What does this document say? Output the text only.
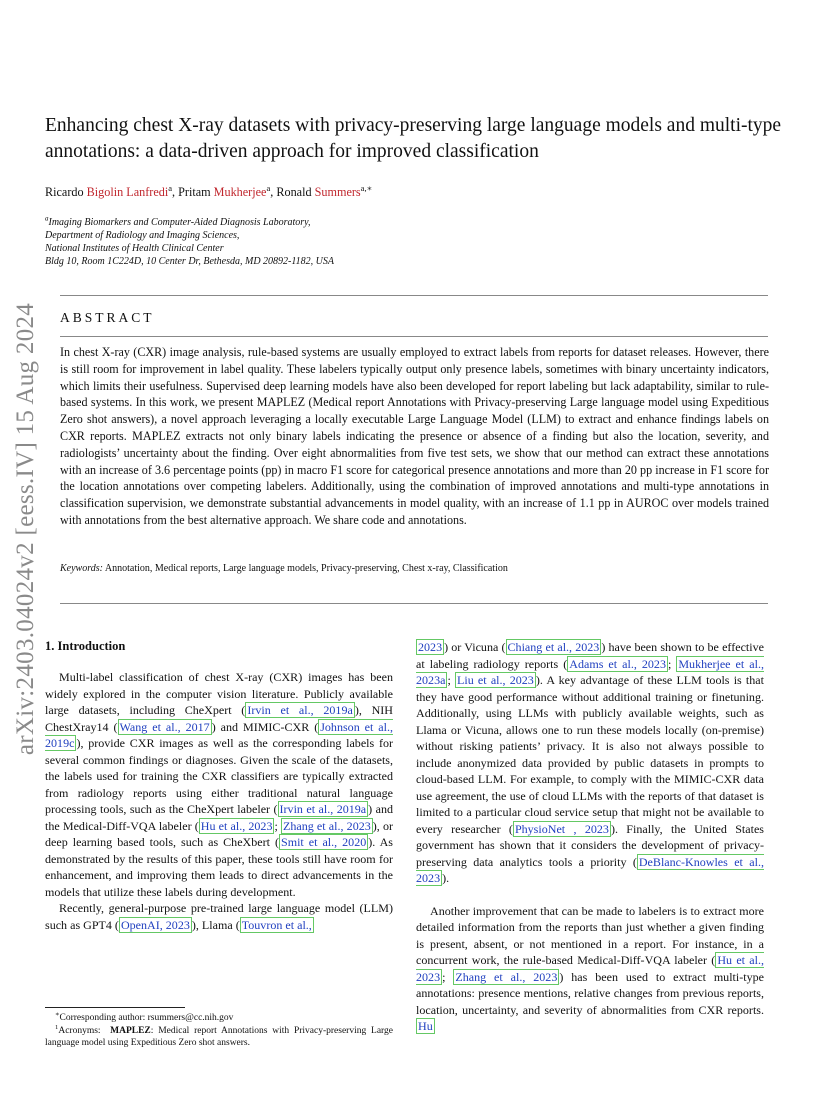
arXiv:2403.04024v2 [eess.IV] 15 Aug 2024
Enhancing chest X-ray datasets with privacy-preserving large language models and multi-type annotations: a data-driven approach for improved classification
Ricardo Bigolin Lanfredi$^a$, Pritam Mukherjee$^a$, Ronald Summers$^{a,∗}$
$^a$Imaging Biomarkers and Computer-Aided Diagnosis Laboratory,
Department of Radiology and Imaging Sciences,
National Institutes of Health Clinical Center
Bldg 10, Room 1C224D, 10 Center Dr, Bethesda, MD 20892-1182, USA
ABSTRACT
In chest X-ray (CXR) image analysis, rule-based systems are usually employed to extract labels from reports for dataset releases. However, there is still room for improvement in label quality. These labelers typically output only presence labels, sometimes with binary uncertainty indicators, which limits their usefulness. Supervised deep learning models have also been developed for report labeling but lack adaptability, similar to rule-based systems. In this work, we present MAPLEZ (Medical report Annotations with Privacy-preserving Large language model using Expeditious Zero shot answers), a novel approach leveraging a locally executable Large Language Model (LLM) to extract and enhance findings labels on CXR reports. MAPLEZ extracts not only binary labels indicating the presence or absence of a finding but also the location, severity, and radiologists’ uncertainty about the finding. Over eight abnormalities from five test sets, we show that our method can extract these annotations with an increase of 3.6 percentage points (pp) in macro F1 score for categorical presence annotations and more than 20 pp increase in F1 score for the location annotations over competing labelers. Additionally, using the combination of improved annotations and multi-type annotations in classification supervision, we demonstrate substantial advancements in model quality, with an increase of 1.1 pp in AUROC over models trained with annotations from the best alternative approach. We share code and annotations.
Keywords: Annotation, Medical reports, Large language models, Privacy-preserving, Chest x-ray, Classification
1. Introduction

Multi-label classification of chest X-ray (CXR) images has been widely explored in the computer vision literature. Publicly available large datasets, including CheXpert ( Irvin et al., 2019a ), NIH ChestXray14 ( Wang et al., 2017 ) and MIMIC-CXR ( Johnson et al., 2019c ), provide CXR images as well as the corresponding labels for several common findings or diagnoses. Given the scale of the datasets, the labels used for training the CXR classifiers are typically extracted from radiology reports using either traditional natural language processing tools, such as the CheXpert labeler ( Irvin et al., 2019a ) and the Medical-Diff-VQA labeler ( Hu et al., 2023 ; Zhang et al., 2023 ), or deep learning based tools, such as CheXbert ( Smit et al., 2020 ). As demonstrated by the results of this paper, these tools still have room for enhancement, and improving them leads to direct advancements in the models that utilize these labels during development.

Recently, general-purpose pre-trained large language model (LLM) such as GPT4 ( OpenAI, 2023 ), Llama ( Touvron et al.,

2023 ) or Vicuna ( Chiang et al., 2023 ) have been shown to be effective at labeling radiology reports ( Adams et al., 2023 ; Mukherjee et al., 2023a ; Liu et al., 2023 ). A key advantage of these LLM tools is that they have good performance without additional training or finetuning. Additionally, using LLMs with publicly available weights, such as Llama or Vicuna, allows one to run these models locally (on-premise) without risking patients’ privacy. It is also not always possible to include anonymized data provided by public datasets in prompts to cloud-based LLM. For example, to comply with the MIMIC-CXR data use agreement, the use of cloud LLMs with the reports of that dataset is limited to a particular cloud service setup that might not be available to every researcher ( PhysioNet , 2023 ). Finally, the United States government has shown that it considers the development of privacy-preserving data analytics tools a priority ( DeBlanc-Knowles et al., 2023 ).

Another improvement that can be made to labelers is to extract more detailed information from the reports than just whether a given finding is present, absent, or not mentioned in a report. For instance, in a concurrent work, the rule-based Medical-Diff-VQA labeler ( Hu et al., 2023 ; Zhang et al., 2023 ) has been used to extract multi-type annotations: presence mentions, relative changes from previous reports, location, uncertainty, and severity of abnormalities from CXR reports. Hu

∗Corresponding author: rsummers@cc.nih.gov

$^1$Acronyms: MAPLEZ: Medical report Annotations with Privacy-preserving Large language model using Expeditious Zero shot answers.
